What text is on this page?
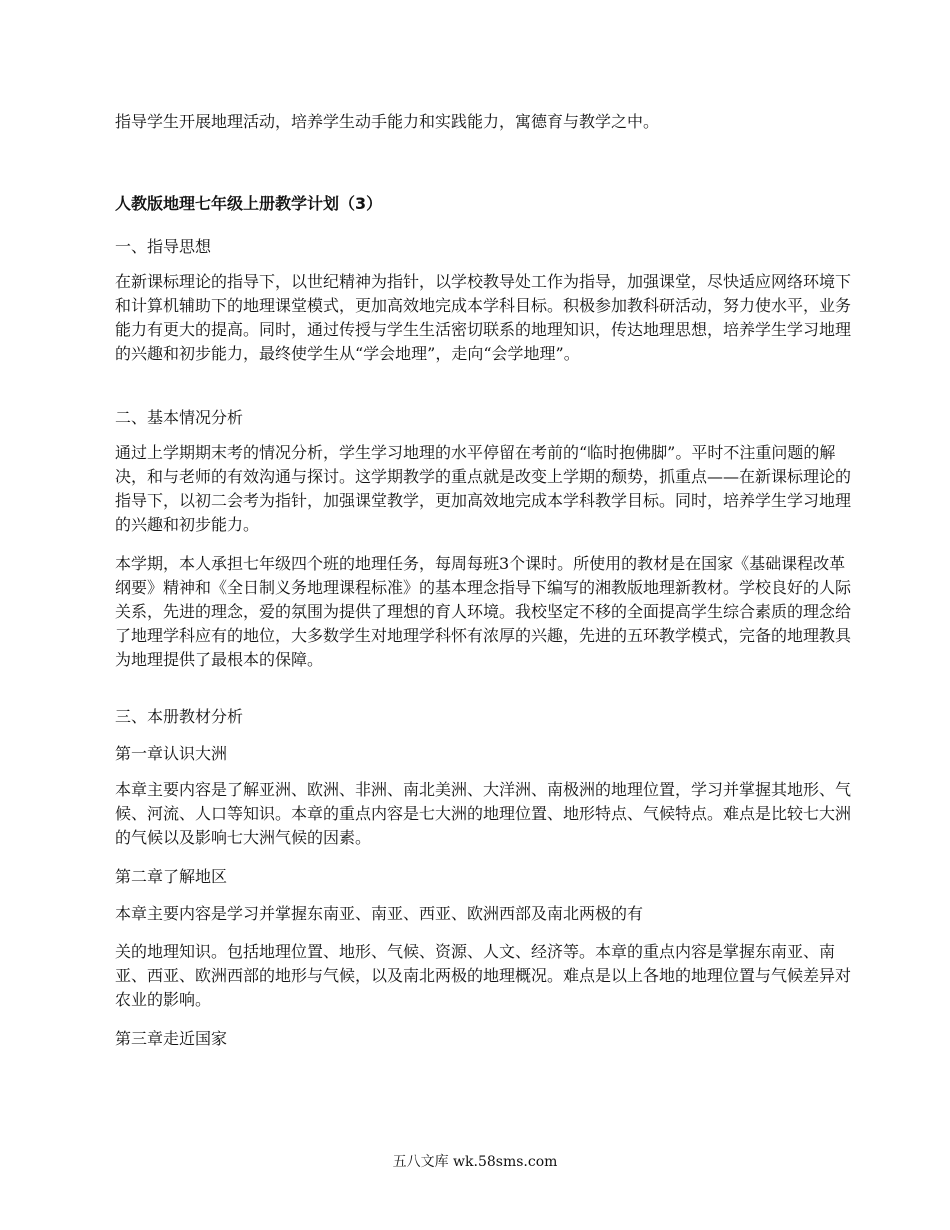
指导学生开展地理活动，培养学生动手能力和实践能力，寓德育与教学之中。

人教版地理七年级上册教学计划（3）

一、指导思想

在新课标理论的指导下，以世纪精神为指针，以学校教导处工作为指导，加强课堂，尽快适应网络环境下和计算机辅助下的地理课堂模式，更加高效地完成本学科目标。积极参加教科研活动，努力使水平，业务能力有更大的提高。同时，通过传授与学生生活密切联系的地理知识，传达地理思想，培养学生学习地理的兴趣和初步能力，最终使学生从“学会地理”，走向“会学地理”。

二、基本情况分析

通过上学期期末考的情况分析，学生学习地理的水平停留在考前的“临时抱佛脚”。平时不注重问题的解决，和与老师的有效沟通与探讨。这学期教学的重点就是改变上学期的颓势，抓重点——在新课标理论的指导下，以初二会考为指针，加强课堂教学，更加高效地完成本学科教学目标。同时，培养学生学习地理的兴趣和初步能力。

本学期，本人承担七年级四个班的地理任务，每周每班3个课时。所使用的教材是在国家《基础课程改革纲要》精神和《全日制义务地理课程标准》的基本理念指导下编写的湘教版地理新教材。学校良好的人际关系，先进的理念，爱的氛围为提供了理想的育人环境。我校坚定不移的全面提高学生综合素质的理念给了地理学科应有的地位，大多数学生对地理学科怀有浓厚的兴趣，先进的五环教学模式，完备的地理教具为地理提供了最根本的保障。

三、本册教材分析

第一章认识大洲

本章主要内容是了解亚洲、欧洲、非洲、南北美洲、大洋洲、南极洲的地理位置，学习并掌握其地形、气候、河流、人口等知识。本章的重点内容是七大洲的地理位置、地形特点、气候特点。难点是比较七大洲的气候以及影响七大洲气候的因素。

第二章了解地区

本章主要内容是学习并掌握东南亚、南亚、西亚、欧洲西部及南北两极的有

关的地理知识。包括地理位置、地形、气候、资源、人文、经济等。本章的重点内容是掌握东南亚、南亚、西亚、欧洲西部的地形与气候，以及南北两极的地理概况。难点是以上各地的地理位置与气候差异对农业的影响。

第三章走近国家

五八文库 wk.58sms.com
